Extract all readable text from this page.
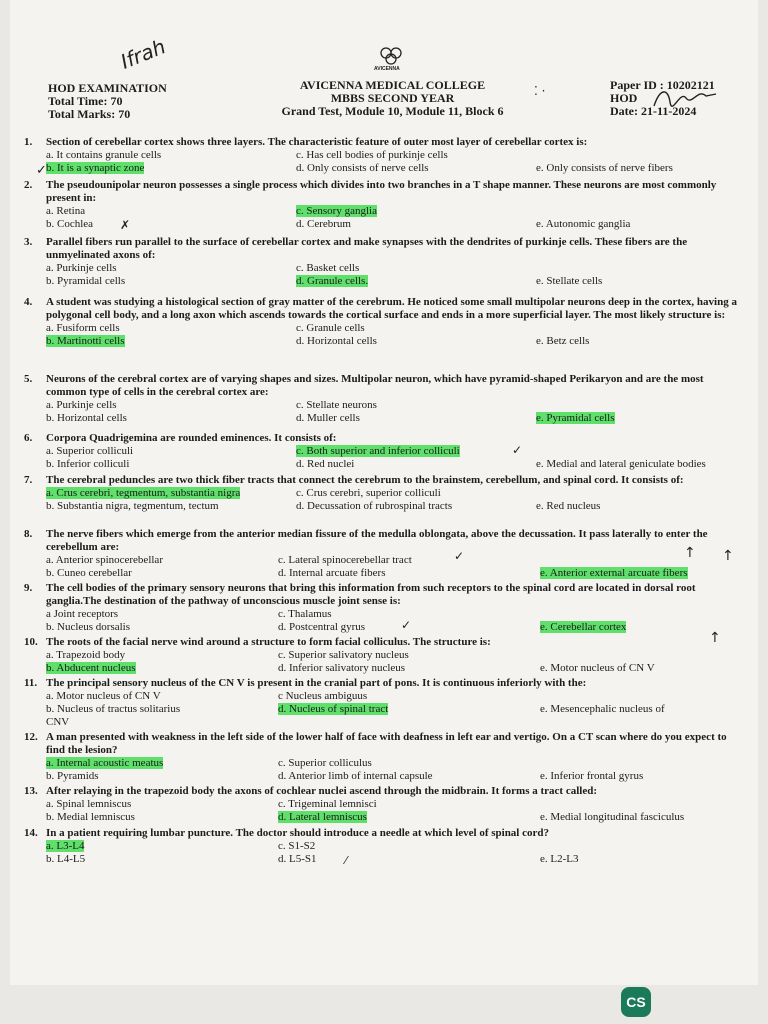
HOD EXAMINATION
Total Time: 70
Total Marks: 70
AVICENNA
AVICENNA MEDICAL COLLEGE
MBBS SECOND YEAR
Grand Test, Module 10, Module 11, Block 6
Paper ID : 10202121
HOD
Date: 21-11-2024
Ifrah
⁚ ·
1.	Section of cerebellar cortex shows three layers. The characteristic feature of outer most layer of cerebellar cortex is:
a. It contains granule cells	c. Has cell bodies of purkinje cells
b. It is a synaptic zone	d. Only consists of nerve cells	e. Only consists of nerve fibers
2.	The pseudounipolar neuron possesses a single process which divides into two branches in a T shape manner. These neurons are most commonly present in:
a. Retina	c. Sensory ganglia
b. Cochlea	d. Cerebrum	e. Autonomic ganglia
3.	Parallel fibers run parallel to the surface of cerebellar cortex and make synapses with the dendrites of purkinje cells. These fibers are the unmyelinated axons of:
a. Purkinje cells	c. Basket cells
b. Pyramidal cells	d. Granule cells.	e. Stellate cells
4.	A student was studying a histological section of gray matter of the cerebrum. He noticed some small multipolar neurons deep in the cortex, having a polygonal cell body, and a long axon which ascends towards the cortical surface and ends in a more superficial layer. The most likely structure is:
a. Fusiform cells	c. Granule cells
b. Martinotti cells	d. Horizontal cells	e. Betz cells
5.	Neurons of the cerebral cortex are of varying shapes and sizes. Multipolar neuron, which have pyramid-shaped Perikaryon and are the most common type of cells in the cerebral cortex are:
a. Purkinje cells	c. Stellate neurons
b. Horizontal cells	d. Muller cells	e. Pyramidal cells
6.	Corpora Quadrigemina are rounded eminences. It consists of:
a. Superior colliculi	c. Both superior and inferior colliculi
b. Inferior colliculi	d. Red nuclei	e. Medial and lateral geniculate bodies
7.	The cerebral peduncles are two thick fiber tracts that connect the cerebrum to the brainstem, cerebellum, and spinal cord. It consists of:
a. Crus cerebri, tegmentum, substantia nigra	c. Crus cerebri, superior colliculi
b. Substantia nigra, tegmentum, tectum	d. Decussation of rubrospinal tracts	e. Red nucleus
8.	The nerve fibers which emerge from the anterior median fissure of the medulla oblongata, above the decussation. It pass laterally to enter the cerebellum are:
a. Anterior spinocerebellar	c. Lateral spinocerebellar tract
b. Cuneo cerebellar	d. Internal arcuate fibers	e. Anterior external arcuate fibers
9.	The cell bodies of the primary sensory neurons that bring this information from such receptors to the spinal cord are located in dorsal root ganglia.The destination of the pathway of unconscious muscle joint sense is:
a Joint receptors	c. Thalamus
b. Nucleus dorsalis	d. Postcentral gyrus	e. Cerebellar cortex
10. The roots of the facial nerve wind around a structure to form facial colliculus. The structure is:
a. Trapezoid body	c. Superior salivatory nucleus
b. Abducent nucleus	d. Inferior salivatory nucleus	e. Motor nucleus of CN V
11. The principal sensory nucleus of the CN V is present in the cranial part of pons. It is continuous inferiorly with the:
a. Motor nucleus of CN V	c Nucleus ambiguus
b. Nucleus of tractus solitarius	d. Nucleus of spinal tract	e. Mesencephalic nucleus of
CNV
12. A man presented with weakness in the left side of the lower half of face with deafness in left ear and vertigo. On a CT scan where do you expect to find the lesion?
a. Internal acoustic meatus	c. Superior colliculus
b. Pyramids	d. Anterior limb of internal capsule	e. Inferior frontal gyrus
13. After relaying in the trapezoid body the axons of cochlear nuclei ascend through the midbrain. It forms a tract called:
a. Spinal lemniscus	c. Trigeminal lemnisci
b. Medial lemniscus	d. Lateral lemniscus	e. Medial longitudinal fasciculus
14. In a patient requiring lumbar puncture. The doctor should introduce a needle at which level of spinal cord?
a. L3-L4	c. S1-S2
b. L4-L5	d. L5-S1	e. L2-L3
✓
✗
✓
✓	↑ ↑
✓
↑
⁄
CS
